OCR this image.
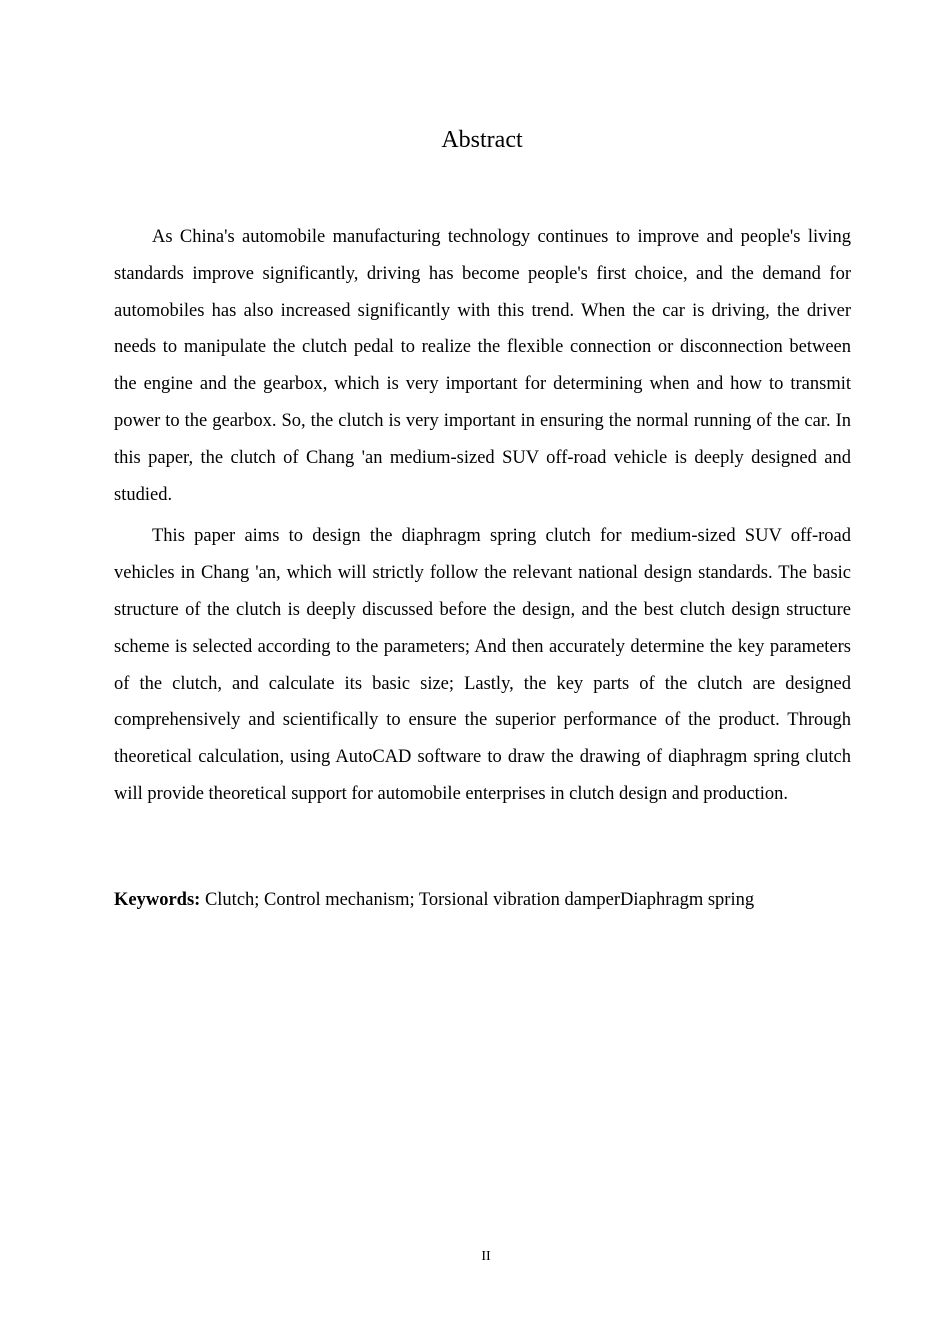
Abstract

As China's automobile manufacturing technology continues to improve and people's living standards improve significantly, driving has become people's first choice, and the demand for automobiles has also increased significantly with this trend. When the car is driving, the driver needs to manipulate the clutch pedal to realize the flexible connection or disconnection between the engine and the gearbox, which is very important for determining when and how to transmit power to the gearbox. So, the clutch is very important in ensuring the normal running of the car. In this paper, the clutch of Chang 'an medium-sized SUV off-road vehicle is deeply designed and studied.

This paper aims to design the diaphragm spring clutch for medium-sized SUV off-road vehicles in Chang 'an, which will strictly follow the relevant national design standards. The basic structure of the clutch is deeply discussed before the design, and the best clutch design structure scheme is selected according to the parameters; And then accurately determine the key parameters of the clutch, and calculate its basic size; Lastly, the key parts of the clutch are designed comprehensively and scientifically to ensure the superior performance of the product. Through theoretical calculation, using AutoCAD software to draw the drawing of diaphragm spring clutch will provide theoretical support for automobile enterprises in clutch design and production.

Keywords: Clutch; Control mechanism; Torsional vibration damperDiaphragm spring

II
